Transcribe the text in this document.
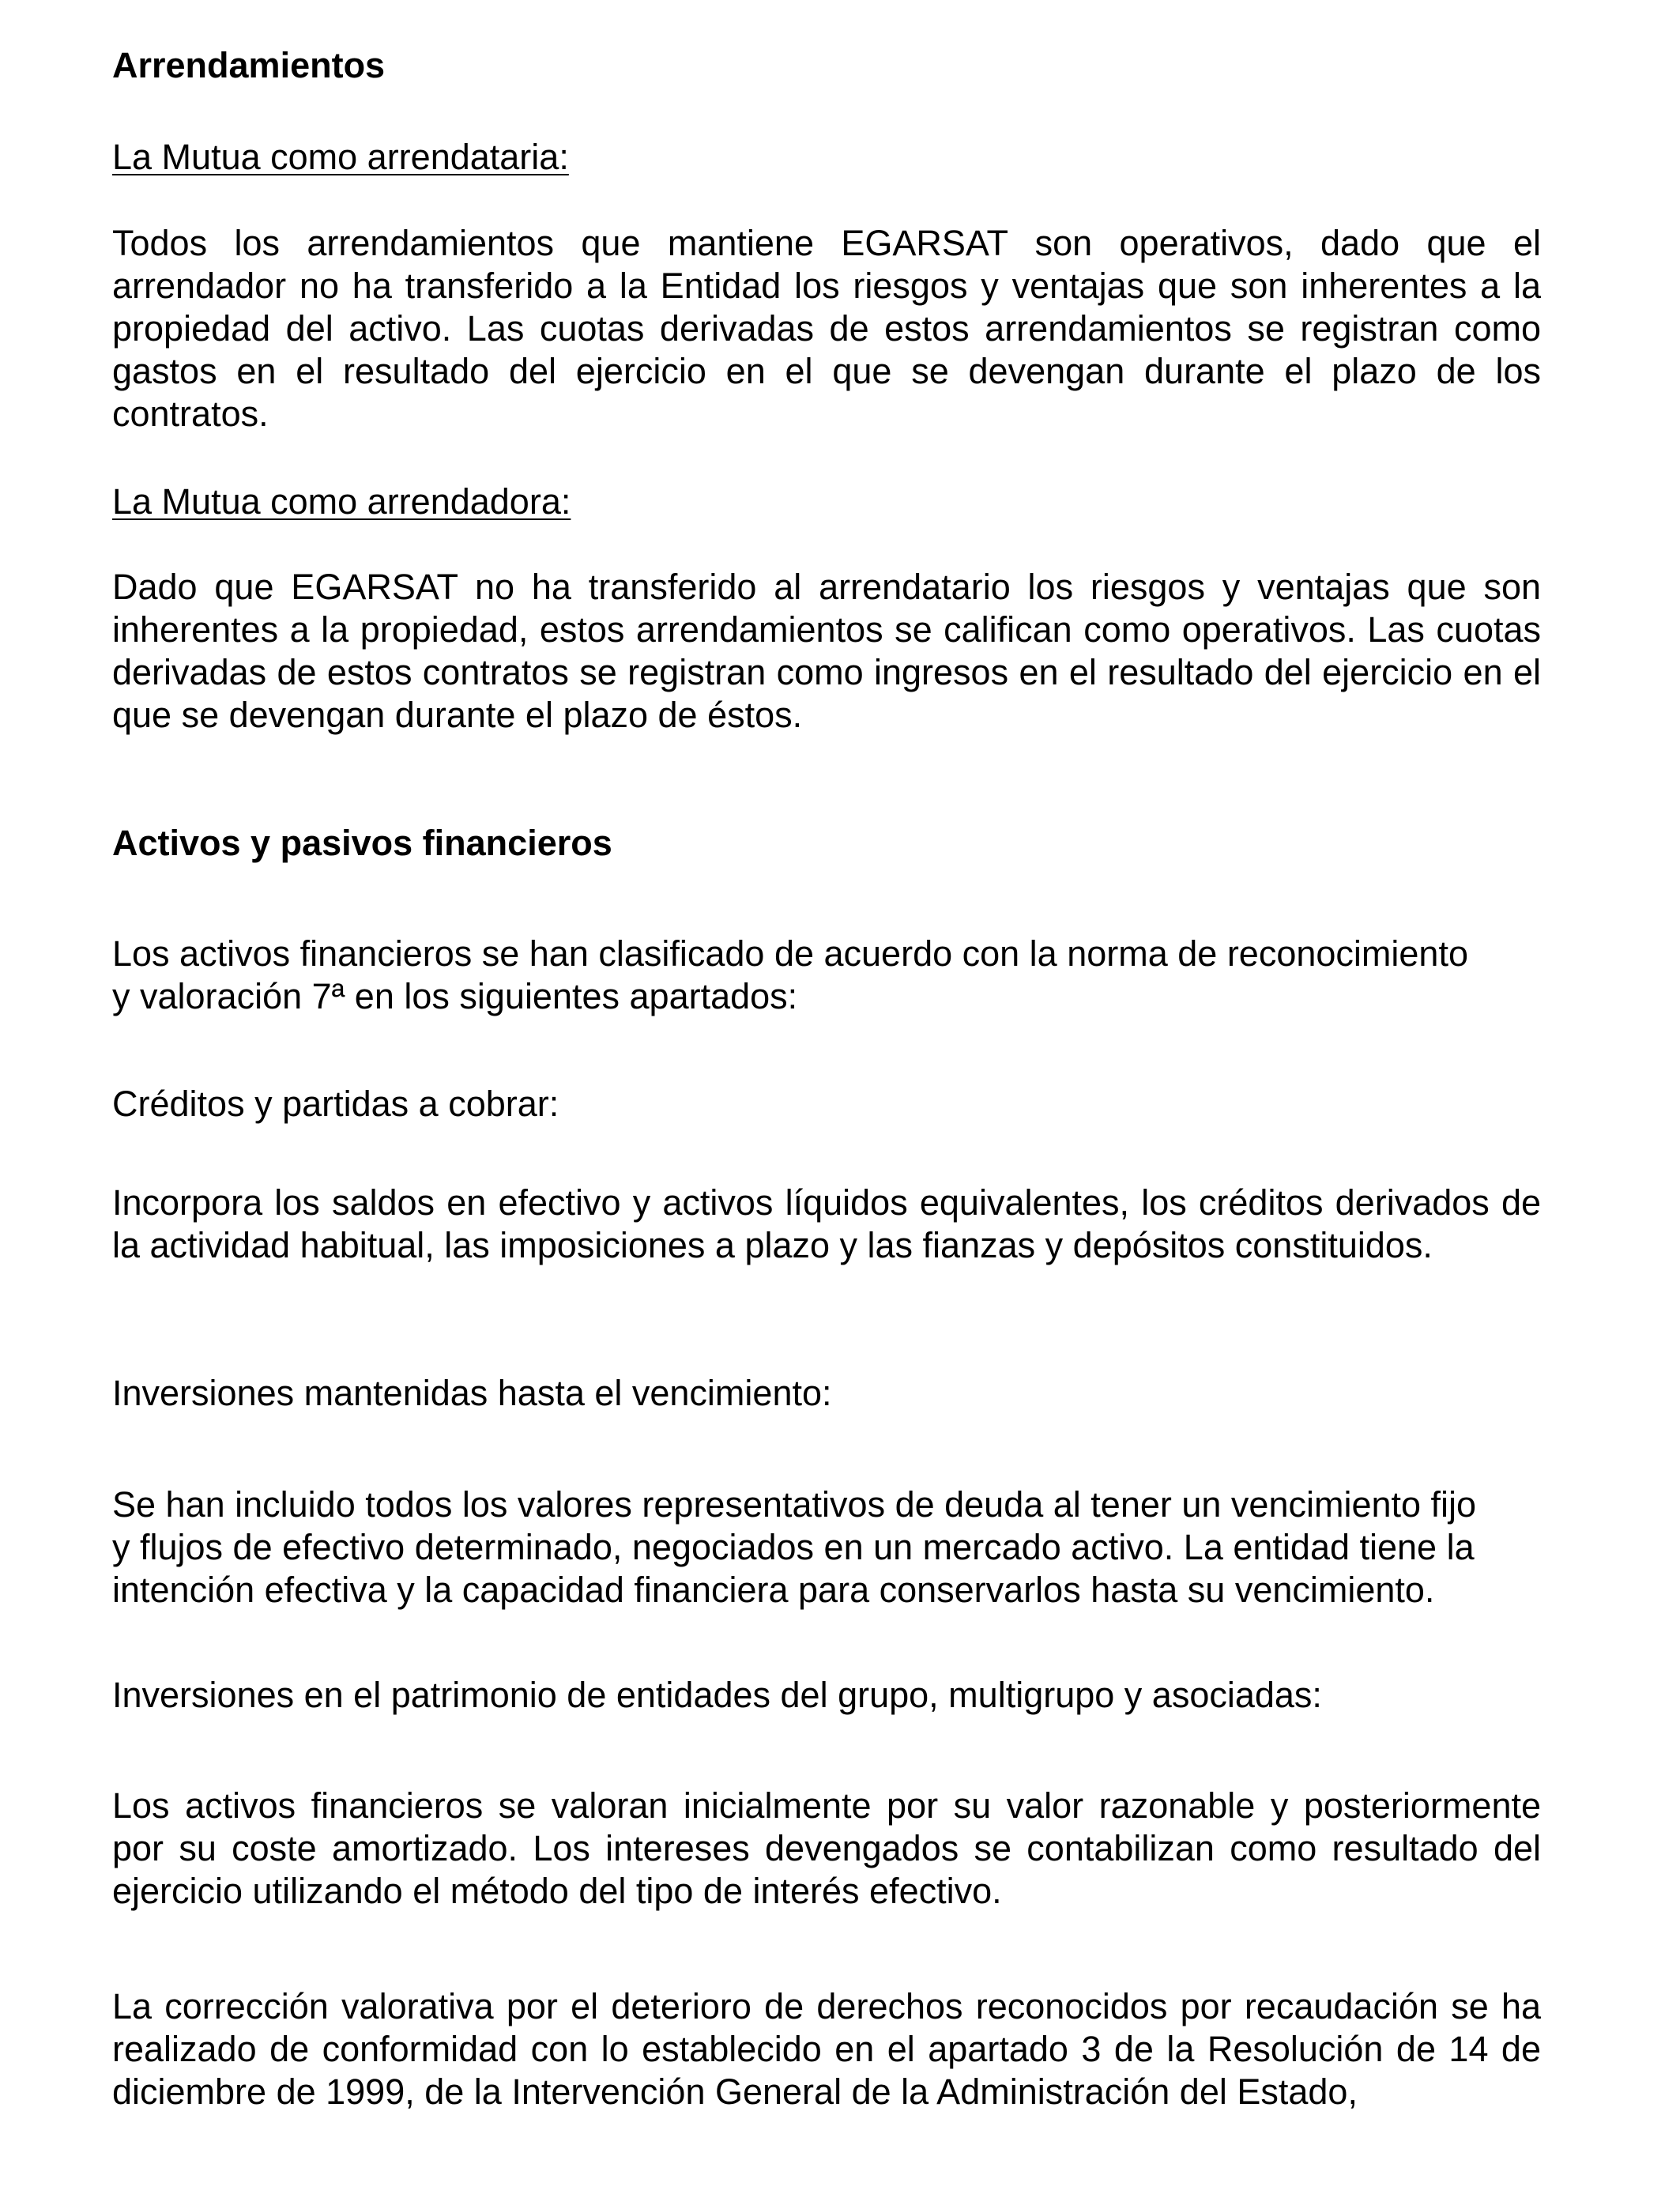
Arrendamientos

La Mutua como arrendataria:

Todos los arrendamientos que mantiene EGARSAT son operativos, dado que el arrendador no ha transferido a la Entidad los riesgos y ventajas que son inherentes a la propiedad del activo. Las cuotas derivadas de estos arrendamientos se registran como gastos en el resultado del ejercicio en el que se devengan durante el plazo de los contratos.

La Mutua como arrendadora:

Dado que EGARSAT no ha transferido al arrendatario los riesgos y ventajas que son inherentes a la propiedad, estos arrendamientos se califican como operativos. Las cuotas derivadas de estos contratos se registran como ingresos en el resultado del ejercicio en el que se devengan durante el plazo de éstos.

Activos y pasivos financieros

Los activos financieros se han clasificado de acuerdo con la norma de reconocimiento

y valoración 7ª en los siguientes apartados:

Créditos y partidas a cobrar:

Incorpora los saldos en efectivo y activos líquidos equivalentes, los créditos derivados de la actividad habitual, las imposiciones a plazo y las fianzas y depósitos constituidos.

Inversiones mantenidas hasta el vencimiento:

Se han incluido todos los valores representativos de deuda al tener un vencimiento fijo

y flujos de efectivo determinado, negociados en un mercado activo. La entidad tiene la

intención efectiva y la capacidad financiera para conservarlos hasta su vencimiento.

Inversiones en el patrimonio de entidades del grupo, multigrupo y asociadas:

Los activos financieros se valoran inicialmente por su valor razonable y posteriormente por su coste amortizado. Los intereses devengados se contabilizan como resultado del ejercicio utilizando el método del tipo de interés efectivo.

La corrección valorativa por el deterioro de derechos reconocidos por recaudación se ha realizado de conformidad con lo establecido en el apartado 3 de la Resolución de 14 de diciembre de 1999, de la Intervención General de la Administración del Estado,
